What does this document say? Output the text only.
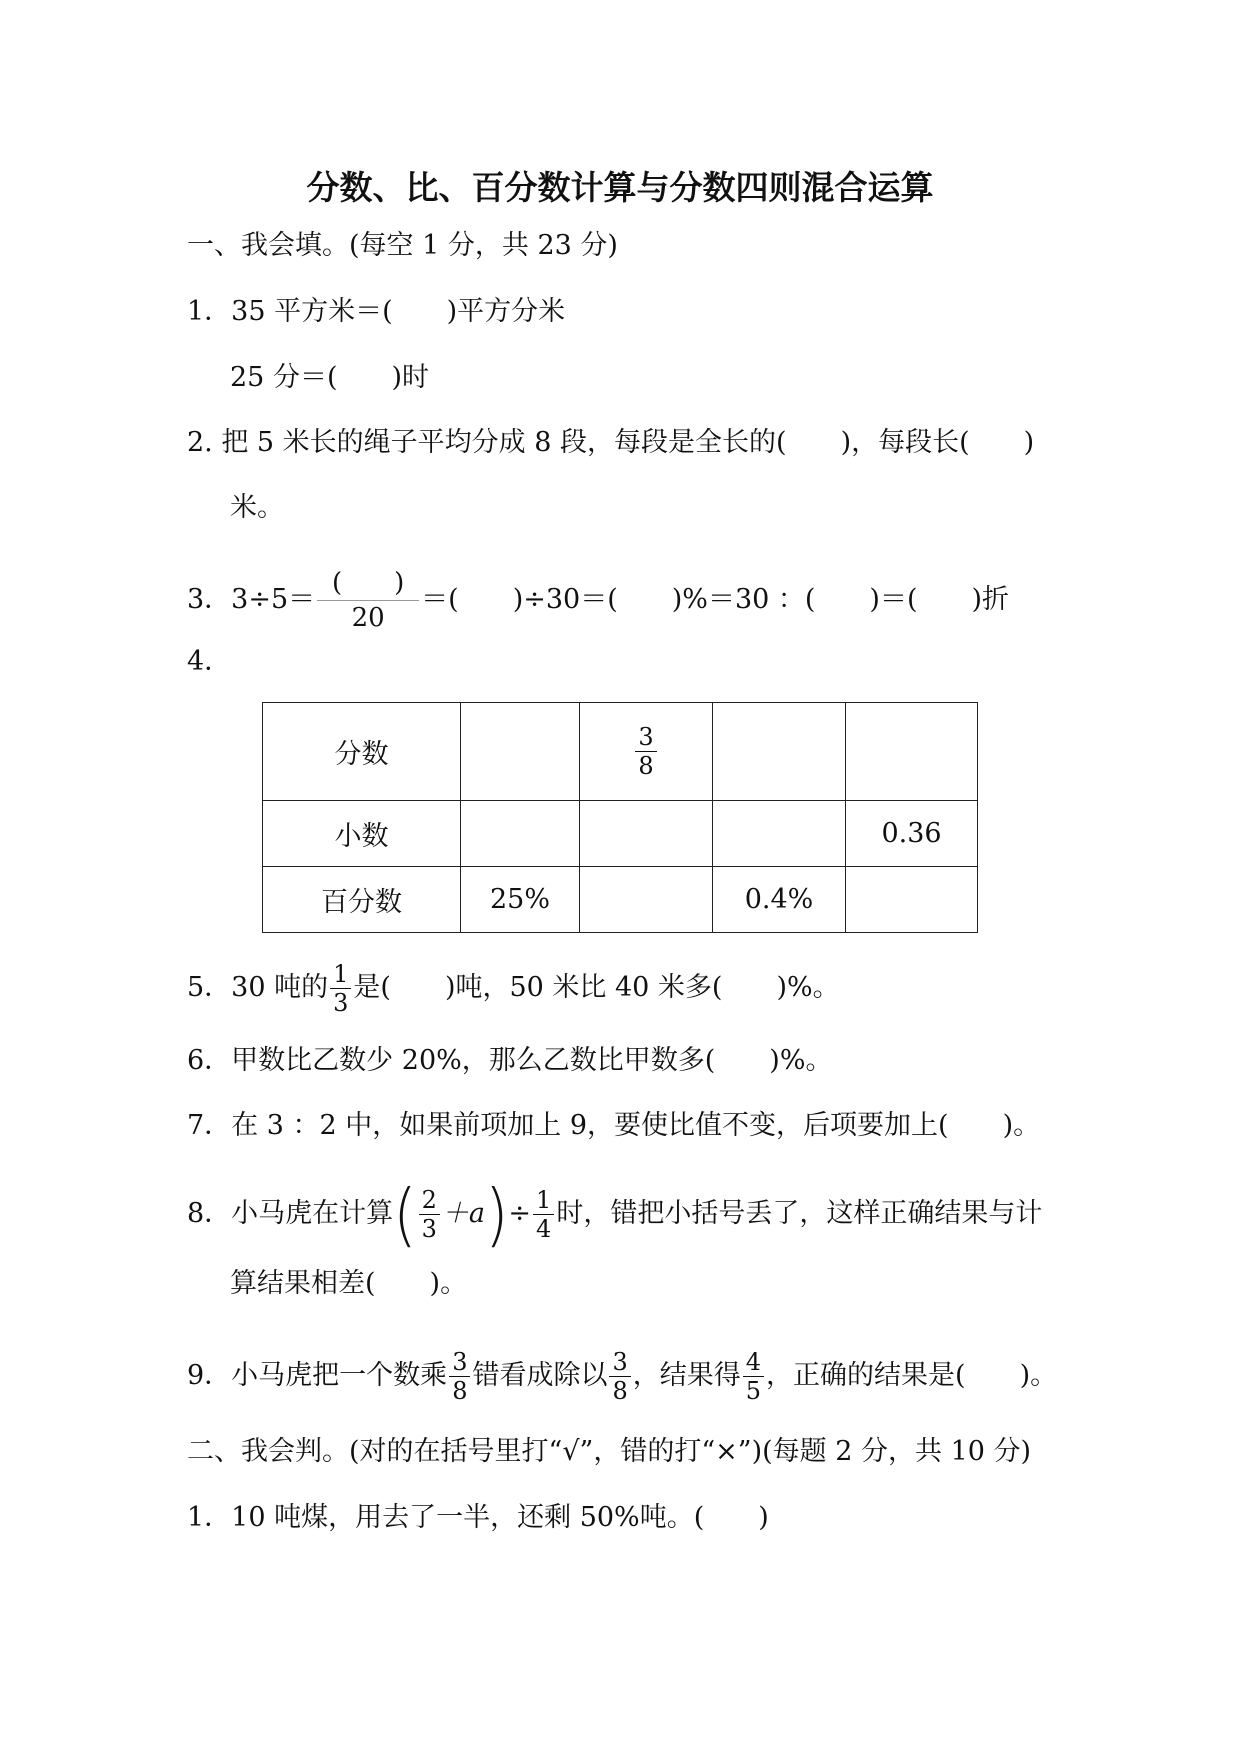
分数、比、百分数计算与分数四则混合运算
一、我会填。(每空 1 分，共 23 分)
1．35 平方米＝(　　)平方分米
25 分＝(　　)时
2. 把 5 米长的绳子平均分成 8 段，每段是全长的(　　)，每段长(　　)
米。
3．$3\div 5= \frac{( )}{20}$ ＝(　　)÷30＝(　　)%＝30 ：(　　)＝(　　)折
4．
分数		$\frac{3}{8}$

小数				0.36
百分数	25%		0.4%	
5．30 吨的 $\frac{1}{3}$ 是(　　)吨，50 米比 40 米多(　　)%。
6．甲数比乙数少 20%，那么乙数比甲数多(　　)%。
7．在 3 ：2 中，如果前项加上 9，要使比值不变，后项要加上(　　)。
8．小马虎在计算( $\frac{2}{3} +a)\div \frac{1}{4}$ 时，错把小括号丢了，这样正确结果与计
算结果相差(　　)。
9．小马虎把一个数乘 $\frac{3}{8}$ 错看成除以 $\frac{3}{8}$ ，结果得 $\frac{4}{5}$ ，正确的结果是(　　)。
二、我会判。(对的在括号里打“√”，错的打“×”)(每题 2 分，共 10 分)
1．10 吨煤，用去了一半，还剩 50%吨。(　　)
